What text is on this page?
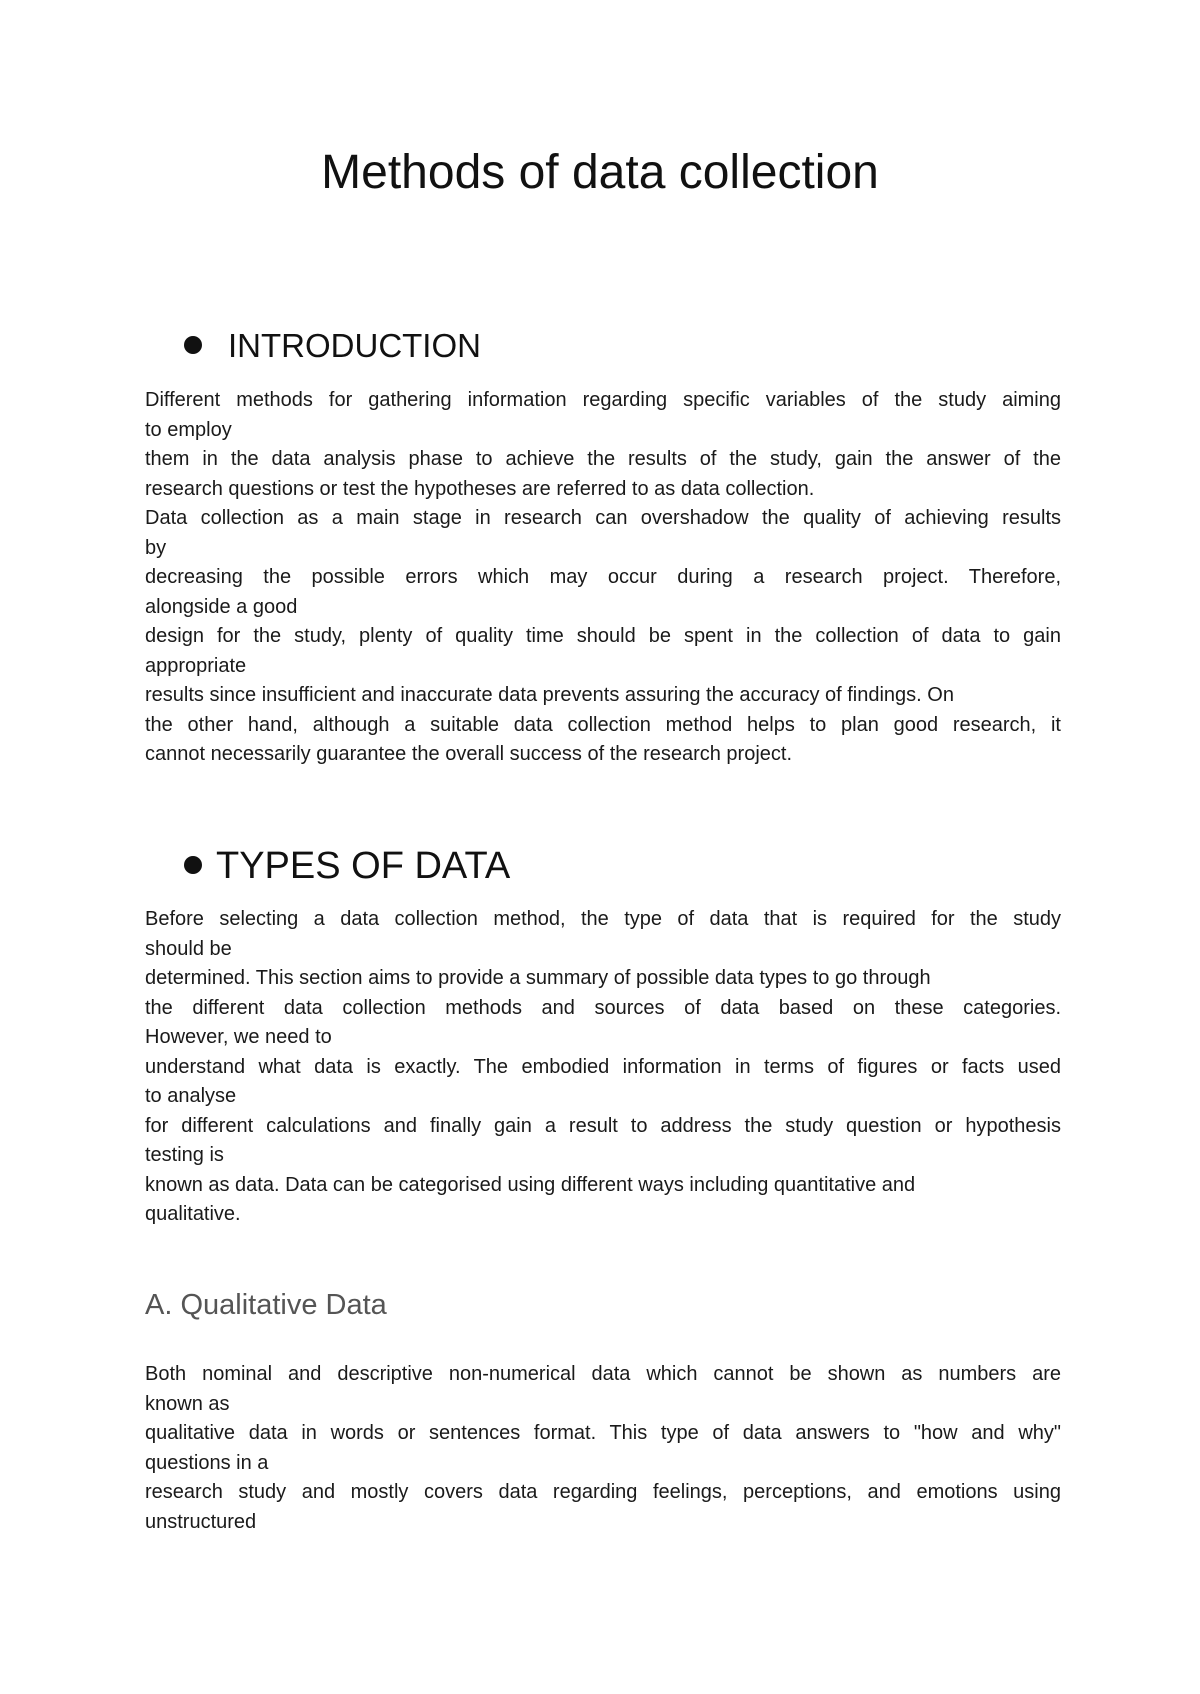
Methods of data collection
INTRODUCTION
Different methods for gathering information regarding specific variables of the study aiming
to employ
them in the data analysis phase to achieve the results of the study, gain the answer of the
research questions or test the hypotheses are referred to as data collection.
Data collection as a main stage in research can overshadow the quality of achieving results
by
decreasing the possible errors which may occur during a research project. Therefore,
alongside a good
design for the study, plenty of quality time should be spent in the collection of data to gain
appropriate
results since insufficient and inaccurate data prevents assuring the accuracy of findings. On
the other hand, although a suitable data collection method helps to plan good research, it
cannot necessarily guarantee the overall success of the research project.
TYPES OF DATA
Before selecting a data collection method, the type of data that is required for the study
should be
determined. This section aims to provide a summary of possible data types to go through
the different data collection methods and sources of data based on these categories.
However, we need to
understand what data is exactly. The embodied information in terms of figures or facts used
to analyse
for different calculations and finally gain a result to address the study question or hypothesis
testing is
known as data. Data can be categorised using different ways including quantitative and
qualitative.
A. Qualitative Data
Both nominal and descriptive non-numerical data which cannot be shown as numbers are
known as
qualitative data in words or sentences format. This type of data answers to "how and why"
questions in a
research study and mostly covers data regarding feelings, perceptions, and emotions using
unstructured
